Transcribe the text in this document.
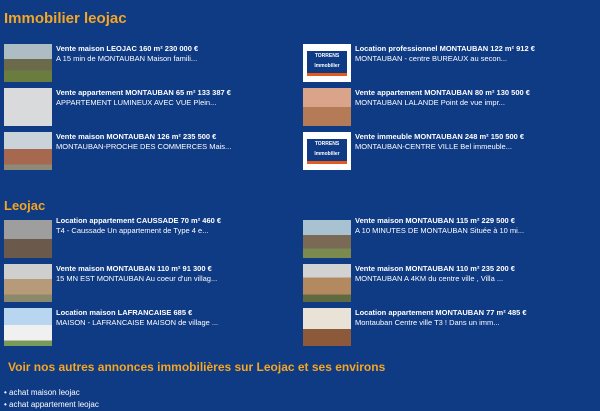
Immobilier leojac
Vente maison LEOJAC 160 m² 230 000 €
A 15 min de MONTAUBAN Maison famili...	TORRENS
Immobilier
Location professionnel MONTAUBAN 122 m² 912 €
MONTAUBAN - centre BUREAUX au secon...
Vente appartement MONTAUBAN 65 m² 133 387 €
APPARTEMENT LUMINEUX AVEC VUE Plein...
Vente appartement MONTAUBAN 80 m² 130 500 €
MONTAUBAN LALANDE Point de vue impr...
Vente maison MONTAUBAN 126 m² 235 500 €
MONTAUBAN-PROCHE DES COMMERCES Mais...	TORRENS
Immobilier
Vente immeuble MONTAUBAN 248 m² 150 500 €
MONTAUBAN-CENTRE VILLE Bel immeuble...
Leojac
Location appartement CAUSSADE 70 m² 460 €
T4 - Caussade Un appartement de Type 4 e...
Vente maison MONTAUBAN 115 m² 229 500 €
A 10 MINUTES DE MONTAUBAN Située à 10 mi...
Vente maison MONTAUBAN 110 m² 91 300 €
15 MN EST MONTAUBAN Au coeur d'un villag...
Vente maison MONTAUBAN 110 m² 235 200 €
MONTAUBAN A 4KM du centre ville , Villa ...
Location maison LAFRANCAISE 685 €
MAISON - LAFRANCAISE MAISON de village ...
Location appartement MONTAUBAN 77 m² 485 €
Montauban Centre ville T3 ! Dans un imm...
Voir nos autres annonces immobilières sur Leojac et ses environs
• achat maison leojac
• achat appartement leojac
